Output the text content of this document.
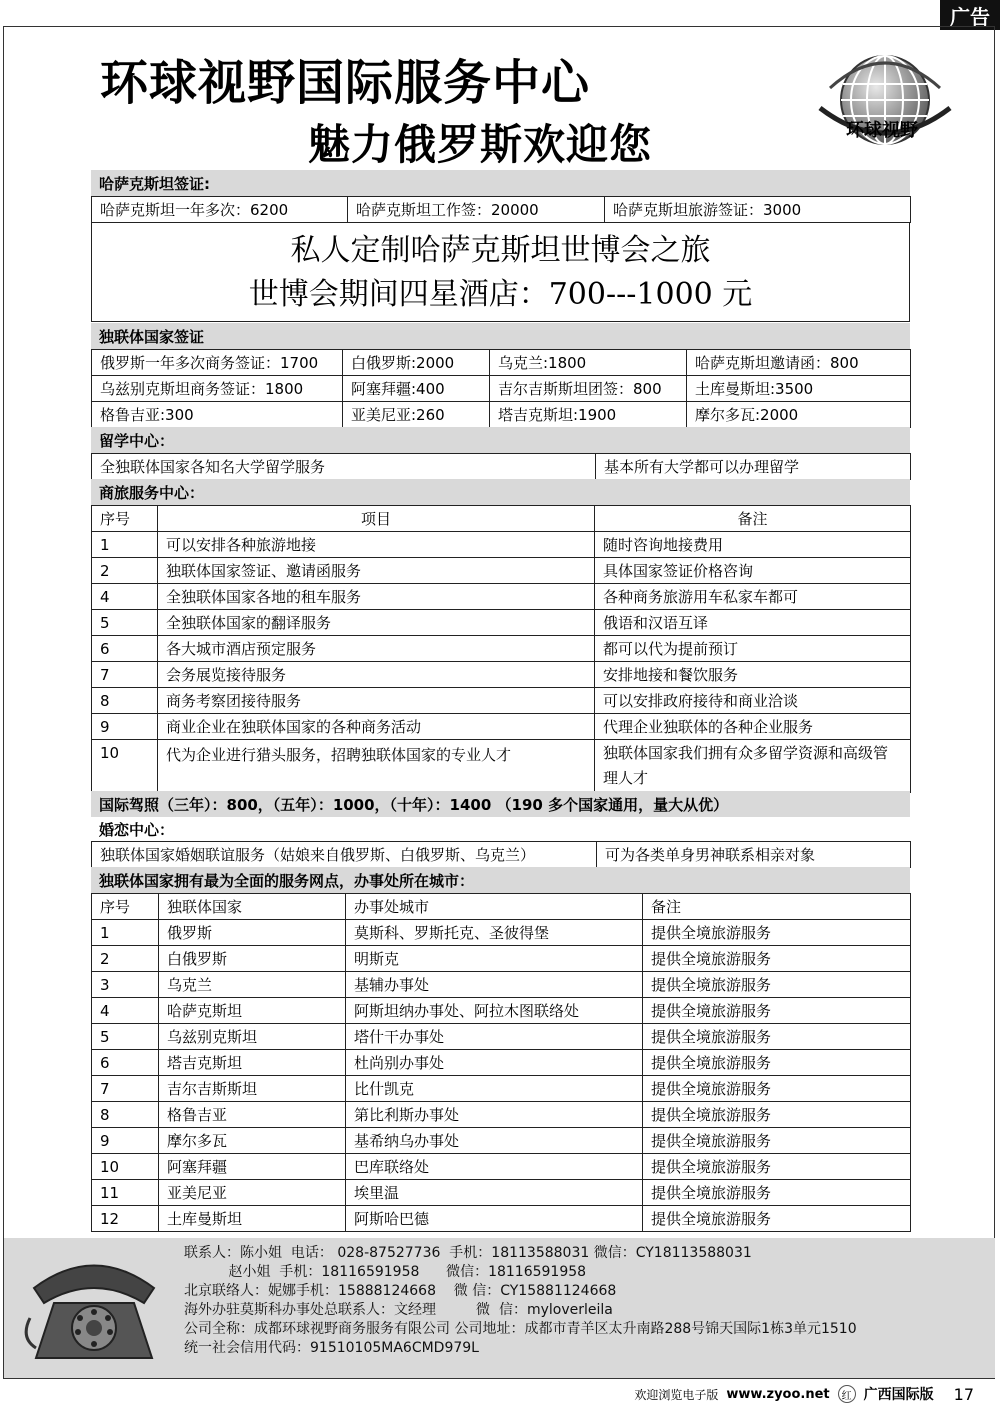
广告
环球视野国际服务中心
魅力俄罗斯欢迎您	环球视野
哈萨克斯坦签证:
哈萨克斯坦一年多次：6200	哈萨克斯坦工作签：20000	哈萨克斯坦旅游签证：3000
私人定制哈萨克斯坦世博会之旅
世博会期间四星酒店：700---1000 元
独联体国家签证
俄罗斯一年多次商务签证：1700	白俄罗斯:2000	乌克兰:1800	哈萨克斯坦邀请函：800
乌兹别克斯坦商务签证：1800	阿塞拜疆:400	吉尔吉斯斯坦团签：800	土库曼斯坦:3500
格鲁吉亚:300	亚美尼亚:260	塔吉克斯坦:1900	摩尔多瓦:2000
留学中心：
全独联体国家各知名大学留学服务	基本所有大学都可以办理留学
商旅服务中心：
序号	项目	备注
1	可以安排各种旅游地接	随时咨询地接费用
2	独联体国家签证、邀请函服务	具体国家签证价格咨询
4	全独联体国家各地的租车服务	各种商务旅游用车私家车都可
5	全独联体国家的翻译服务	俄语和汉语互译
6	各大城市酒店预定服务	都可以代为提前预订
7	会务展览接待服务	安排地接和餐饮服务
8	商务考察团接待服务	可以安排政府接待和商业洽谈
9	商业企业在独联体国家的各种商务活动	代理企业独联体的各种企业服务
10	代为企业进行猎头服务，招聘独联体国家的专业人才	独联体国家我们拥有众多留学资源和高级管理人才
国际驾照（三年）：800，（五年）：1000，（十年）：1400 （190 多个国家通用，量大从优）
婚恋中心：
独联体国家婚姻联谊服务（姑娘来自俄罗斯、白俄罗斯、乌克兰）	可为各类单身男神联系相亲对象
独联体国家拥有最为全面的服务网点，办事处所在城市：
序号	独联体国家	办事处城市	备注
1	俄罗斯	莫斯科、罗斯托克、圣彼得堡	提供全境旅游服务
2	白俄罗斯	明斯克	提供全境旅游服务
3	乌克兰	基辅办事处	提供全境旅游服务
4	哈萨克斯坦	阿斯坦纳办事处、阿拉木图联络处	提供全境旅游服务
5	乌兹别克斯坦	塔什干办事处	提供全境旅游服务
6	塔吉克斯坦	杜尚别办事处	提供全境旅游服务
7	吉尔吉斯斯坦	比什凯克	提供全境旅游服务
8	格鲁吉亚	第比利斯办事处	提供全境旅游服务
9	摩尔多瓦	基希纳乌办事处	提供全境旅游服务
10	阿塞拜疆	巴库联络处	提供全境旅游服务
11	亚美尼亚	埃里温	提供全境旅游服务
12	土库曼斯坦	阿斯哈巴德	提供全境旅游服务
联系人：陈小姐  电话： 028-87527736  手机：18113588031 微信：CY18113588031
赵小姐  手机：18116591958      微信：18116591958
北京联络人：妮娜手机：15888124668    微 信：CY15881124668
海外办驻莫斯科办事处总联系人：文经理         微  信：myloverleila
公司全称：成都环球视野商务服务有限公司 公司地址：成都市青羊区太升南路288号锦天国际1栋3单元1510
统一社会信用代码：91510105MA6CMD979L
欢迎浏览电子版 www.zyoo.net	红 广西国际版 17
